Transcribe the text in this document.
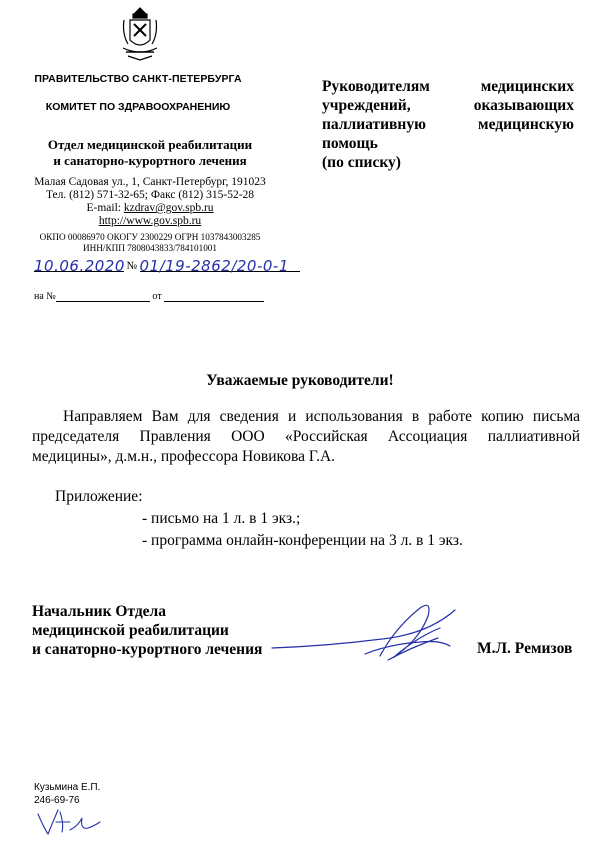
ПРАВИТЕЛЬСТВО САНКТ-ПЕТЕРБУРГА
КОМИТЕТ ПО ЗДРАВООХРАНЕНИЮ
Отдел медицинской реабилитации
и санаторно-курортного лечения
Малая Садовая ул., 1, Санкт-Петербург, 191023
Тел. (812) 571-32-65; Факс (812) 315-52-28
E-mail: kzdrav@gov.spb.ru
http://www.gov.spb.ru
ОКПО 00086970 ОКОГУ 2300229 ОГРН 1037843003285
ИНН/КПП 7808043833/784101001
10.06.2020 № 01/19-2862/20-0-1
на №	от
Руководителям медицинских учреждений, оказывающих паллиативную медицинскую помощь
(по списку)
Уважаемые руководители!
Направляем Вам для сведения и использования в работе копию письма председателя Правления ООО «Российская Ассоциация паллиативной медицины», д.м.н., профессора Новикова Г.А.
Приложение:
- письмо на 1 л. в 1 экз.;
- программа онлайн-конференции на 3 л. в 1 экз.
Начальник Отдела
медицинской реабилитации
и санаторно-курортного лечения	М.Л. Ремизов
Кузьмина Е.П.
246-69-76
